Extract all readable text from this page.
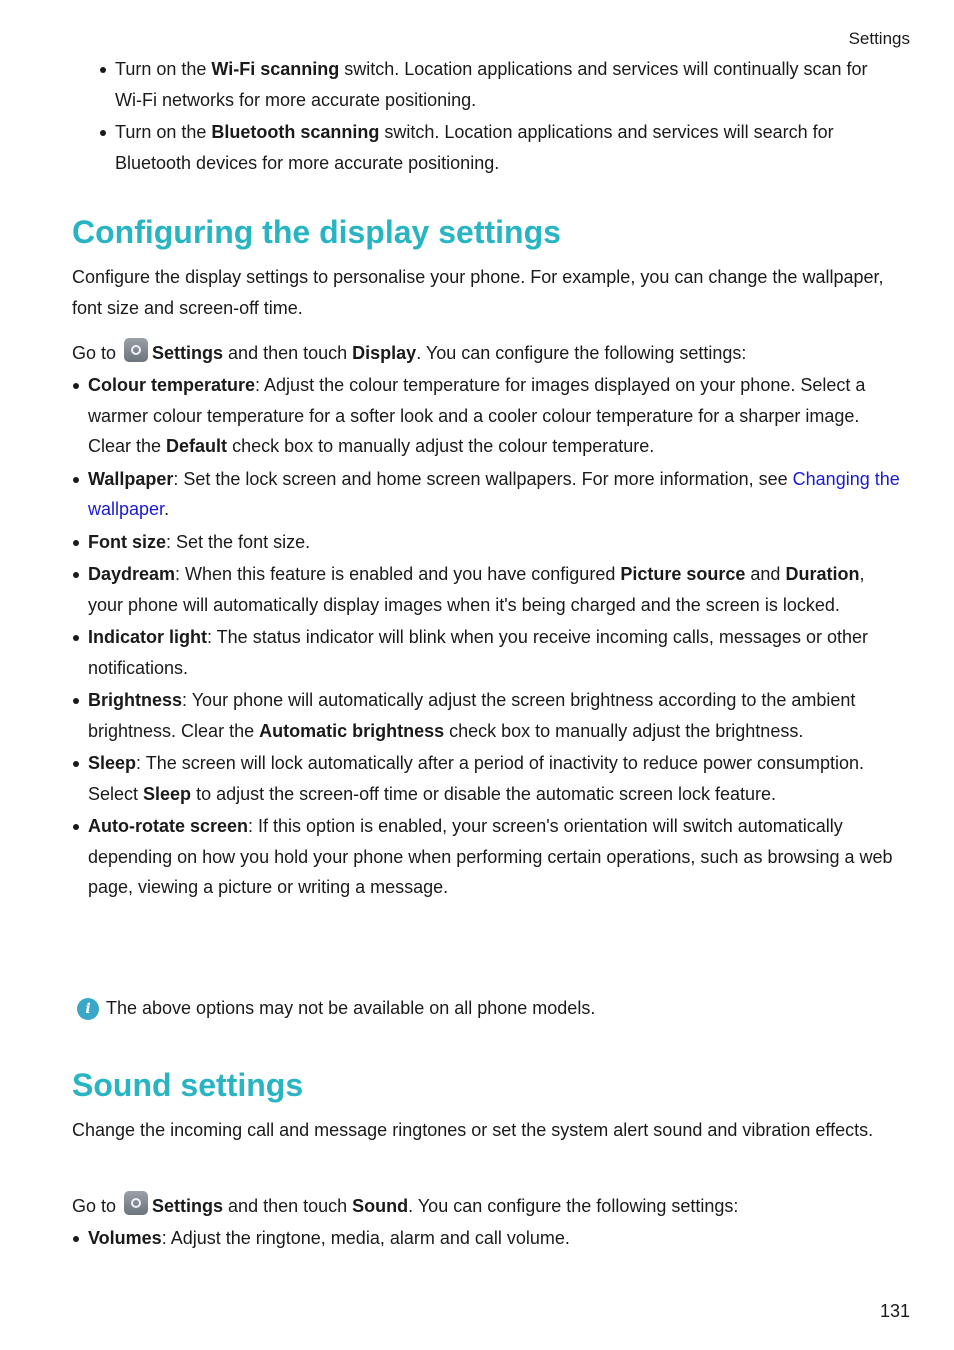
Settings
Turn on the Wi-Fi scanning switch. Location applications and services will continually scan for Wi-Fi networks for more accurate positioning.
Turn on the Bluetooth scanning switch. Location applications and services will search for Bluetooth devices for more accurate positioning.
Configuring the display settings
Configure the display settings to personalise your phone. For example, you can change the wallpaper, font size and screen-off time.
Go to Settings and then touch Display. You can configure the following settings:
Colour temperature: Adjust the colour temperature for images displayed on your phone. Select a warmer colour temperature for a softer look and a cooler colour temperature for a sharper image. Clear the Default check box to manually adjust the colour temperature.
Wallpaper: Set the lock screen and home screen wallpapers. For more information, see Changing the wallpaper.
Font size: Set the font size.
Daydream: When this feature is enabled and you have configured Picture source and Duration, your phone will automatically display images when it's being charged and the screen is locked.
Indicator light: The status indicator will blink when you receive incoming calls, messages or other notifications.
Brightness: Your phone will automatically adjust the screen brightness according to the ambient brightness. Clear the Automatic brightness check box to manually adjust the brightness.
Sleep: The screen will lock automatically after a period of inactivity to reduce power consumption. Select Sleep to adjust the screen-off time or disable the automatic screen lock feature.
Auto-rotate screen: If this option is enabled, your screen's orientation will switch automatically depending on how you hold your phone when performing certain operations, such as browsing a web page, viewing a picture or writing a message.
i The above options may not be available on all phone models.
Sound settings
Change the incoming call and message ringtones or set the system alert sound and vibration effects.
Go to Settings and then touch Sound. You can configure the following settings:
Volumes: Adjust the ringtone, media, alarm and call volume.
131
